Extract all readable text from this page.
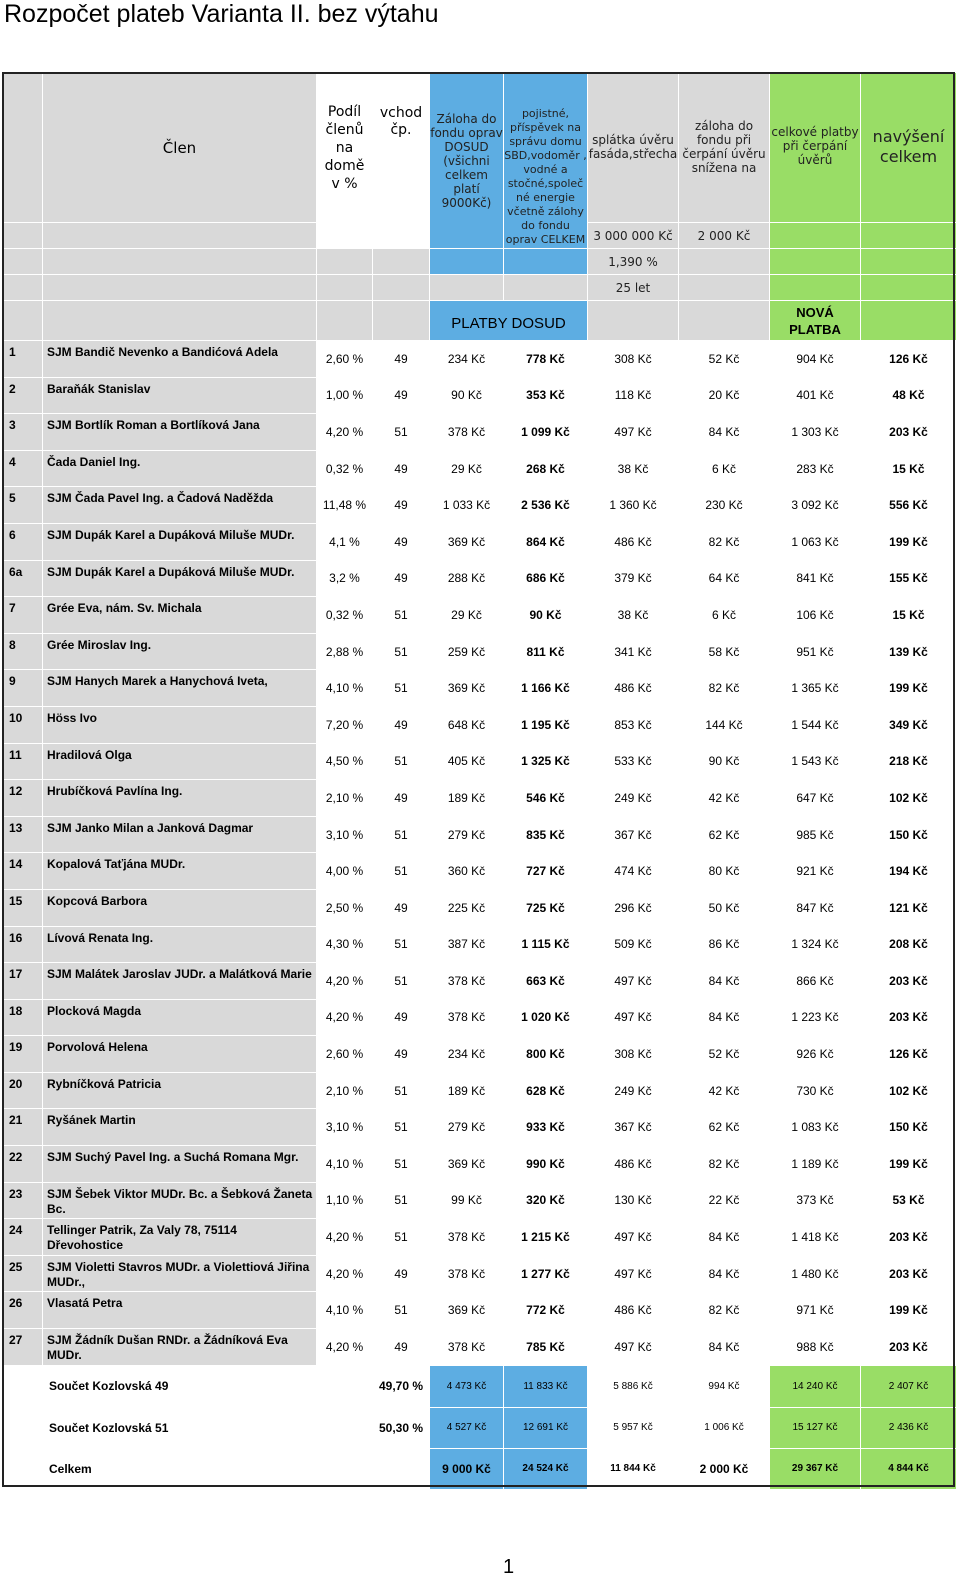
Rozpočet plateb Varianta II. bez výtahu
	Člen	Podíl členů na domě v %	vchod čp.	Záloha do fondu oprav DOSUD (všichni celkem platí 9000Kč)	pojistné, příspěvek na správu domu SBD,vodoměr , vodné a stočné,společ né energie včetně zálohy do fondu oprav CELKEM	splátka úvěru fasáda,střecha	záloha do fondu při čerpání úvěru snížena na	celkové platby při čerpání úvěrů	navýšení celkem
						3 000 000 Kč	2 000 Kč		
						1,390 %			
						25 let			
				PLATBY DOSUD				NOVÁ PLATBA	
1	SJM Bandič Nevenko a Bandićová Adela	2,60 %	49	234 Kč	778 Kč	308 Kč	52 Kč	904 Kč	126 Kč
2	Baraňák Stanislav	1,00 %	49	90 Kč	353 Kč	118 Kč	20 Kč	401 Kč	48 Kč
3	SJM Bortlík Roman a Bortlíková Jana	4,20 %	51	378 Kč	1 099 Kč	497 Kč	84 Kč	1 303 Kč	203 Kč
4	Čada Daniel Ing.	0,32 %	49	29 Kč	268 Kč	38 Kč	6 Kč	283 Kč	15 Kč
5	SJM Čada Pavel Ing. a Čadová Naděžda	11,48 %	49	1 033 Kč	2 536 Kč	1 360 Kč	230 Kč	3 092 Kč	556 Kč
6	SJM Dupák Karel a Dupáková Miluše MUDr.	4,1 %	49	369 Kč	864 Kč	486 Kč	82 Kč	1 063 Kč	199 Kč
6a	SJM Dupák Karel a Dupáková Miluše MUDr.	3,2 %	49	288 Kč	686 Kč	379 Kč	64 Kč	841 Kč	155 Kč
7	Grée Eva, nám. Sv. Michala	0,32 %	51	29 Kč	90 Kč	38 Kč	6 Kč	106 Kč	15 Kč
8	Grée Miroslav Ing.	2,88 %	51	259 Kč	811 Kč	341 Kč	58 Kč	951 Kč	139 Kč
9	SJM Hanych Marek a Hanychová Iveta,	4,10 %	51	369 Kč	1 166 Kč	486 Kč	82 Kč	1 365 Kč	199 Kč
10	Höss Ivo	7,20 %	49	648 Kč	1 195 Kč	853 Kč	144 Kč	1 544 Kč	349 Kč
11	Hradilová Olga	4,50 %	51	405 Kč	1 325 Kč	533 Kč	90 Kč	1 543 Kč	218 Kč
12	Hrubíčková Pavlína Ing.	2,10 %	49	189 Kč	546 Kč	249 Kč	42 Kč	647 Kč	102 Kč
13	SJM Janko Milan a Janková Dagmar	3,10 %	51	279 Kč	835 Kč	367 Kč	62 Kč	985 Kč	150 Kč
14	Kopalová Taťjána MUDr.	4,00 %	51	360 Kč	727 Kč	474 Kč	80 Kč	921 Kč	194 Kč
15	Kopcová Barbora	2,50 %	49	225 Kč	725 Kč	296 Kč	50 Kč	847 Kč	121 Kč
16	Lívová Renata Ing.	4,30 %	51	387 Kč	1 115 Kč	509 Kč	86 Kč	1 324 Kč	208 Kč
17	SJM Malátek Jaroslav JUDr. a Malátková Marie	4,20 %	51	378 Kč	663 Kč	497 Kč	84 Kč	866 Kč	203 Kč
18	Plocková Magda	4,20 %	49	378 Kč	1 020 Kč	497 Kč	84 Kč	1 223 Kč	203 Kč
19	Porvolová Helena	2,60 %	49	234 Kč	800 Kč	308 Kč	52 Kč	926 Kč	126 Kč
20	Rybníčková Patricia	2,10 %	51	189 Kč	628 Kč	249 Kč	42 Kč	730 Kč	102 Kč
21	Ryšánek Martin	3,10 %	51	279 Kč	933 Kč	367 Kč	62 Kč	1 083 Kč	150 Kč
22	SJM Suchý Pavel Ing. a Suchá Romana Mgr.	4,10 %	51	369 Kč	990 Kč	486 Kč	82 Kč	1 189 Kč	199 Kč
23	SJM Šebek Viktor MUDr. Bc. a Šebková Žaneta Bc.	1,10 %	51	99 Kč	320 Kč	130 Kč	22 Kč	373 Kč	53 Kč
24	Tellinger Patrik, Za Valy 78, 75114 Dřevohostice	4,20 %	51	378 Kč	1 215 Kč	497 Kč	84 Kč	1 418 Kč	203 Kč
25	SJM Violetti Stavros MUDr. a Violettiová Jiřina MUDr.,	4,20 %	49	378 Kč	1 277 Kč	497 Kč	84 Kč	1 480 Kč	203 Kč
26	Vlasatá Petra	4,10 %	51	369 Kč	772 Kč	486 Kč	82 Kč	971 Kč	199 Kč
27	SJM Žádník Dušan RNDr. a Žádníková Eva MUDr.	4,20 %	49	378 Kč	785 Kč	497 Kč	84 Kč	988 Kč	203 Kč
Součet Kozlovská 49			49,70 %	4 473 Kč	11 833 Kč	5 886 Kč	994 Kč	14 240 Kč	2 407 Kč
Součet Kozlovská 51			50,30 %	4 527 Kč	12 691 Kč	5 957 Kč	1 006 Kč	15 127 Kč	2 436 Kč
Celkem				9 000 Kč	24 524 Kč	11 844 Kč	2 000 Kč	29 367 Kč	4 844 Kč
1
